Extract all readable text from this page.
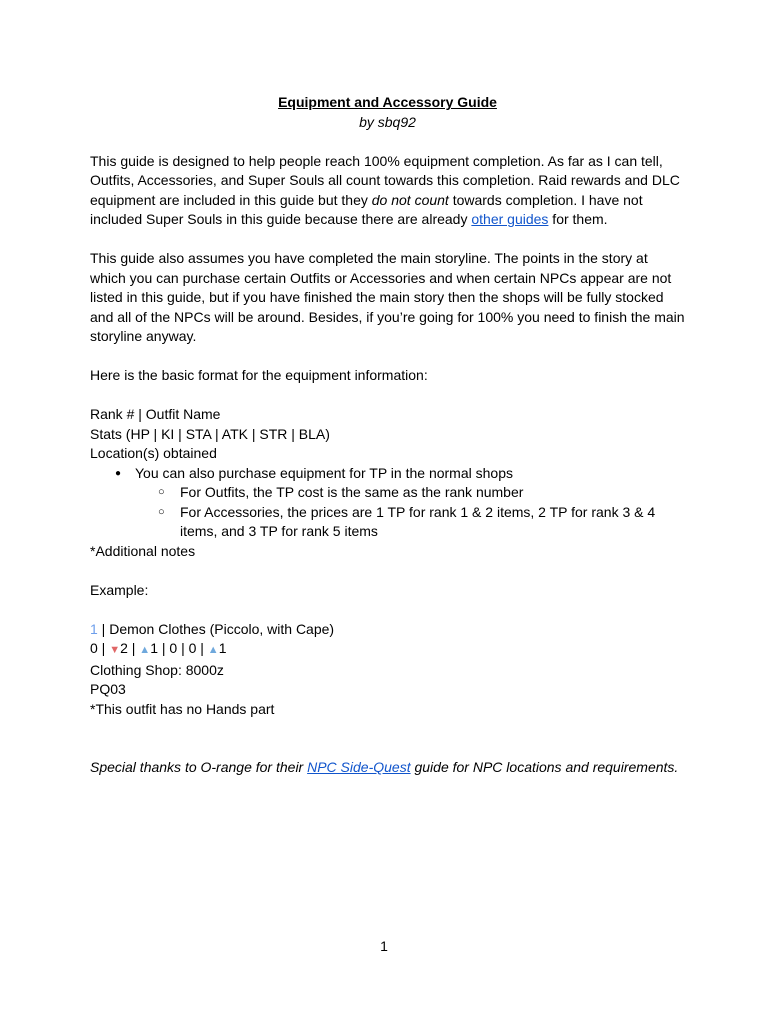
Equipment and Accessory Guide
by sbq92

This guide is designed to help people reach 100% equipment completion. As far as I can tell, Outfits, Accessories, and Super Souls all count towards this completion. Raid rewards and DLC equipment are included in this guide but they do not count towards completion. I have not included Super Souls in this guide because there are already other guides for them.

This guide also assumes you have completed the main storyline. The points in the story at which you can purchase certain Outfits or Accessories and when certain NPCs appear are not listed in this guide, but if you have finished the main story then the shops will be fully stocked and all of the NPCs will be around. Besides, if you’re going for 100% you need to finish the main storyline anyway.

Here is the basic format for the equipment information:

Rank # | Outfit Name

Stats (HP | KI | STA | ATK | STR | BLA)

Location(s) obtained

● You can also purchase equipment for TP in the normal shops
○ For Outfits, the TP cost is the same as the rank number
○ For Accessories, the prices are 1 TP for rank 1 & 2 items, 2 TP for rank 3 & 4 items, and 3 TP for rank 5 items

*Additional notes

Example:

1 | Demon Clothes (Piccolo, with Cape)

0 | ▼2 | ▲1 | 0 | 0 | ▲1

Clothing Shop: 8000z

PQ03

*This outfit has no Hands part

Special thanks to O-range for their NPC Side-Quest guide for NPC locations and requirements.

1
